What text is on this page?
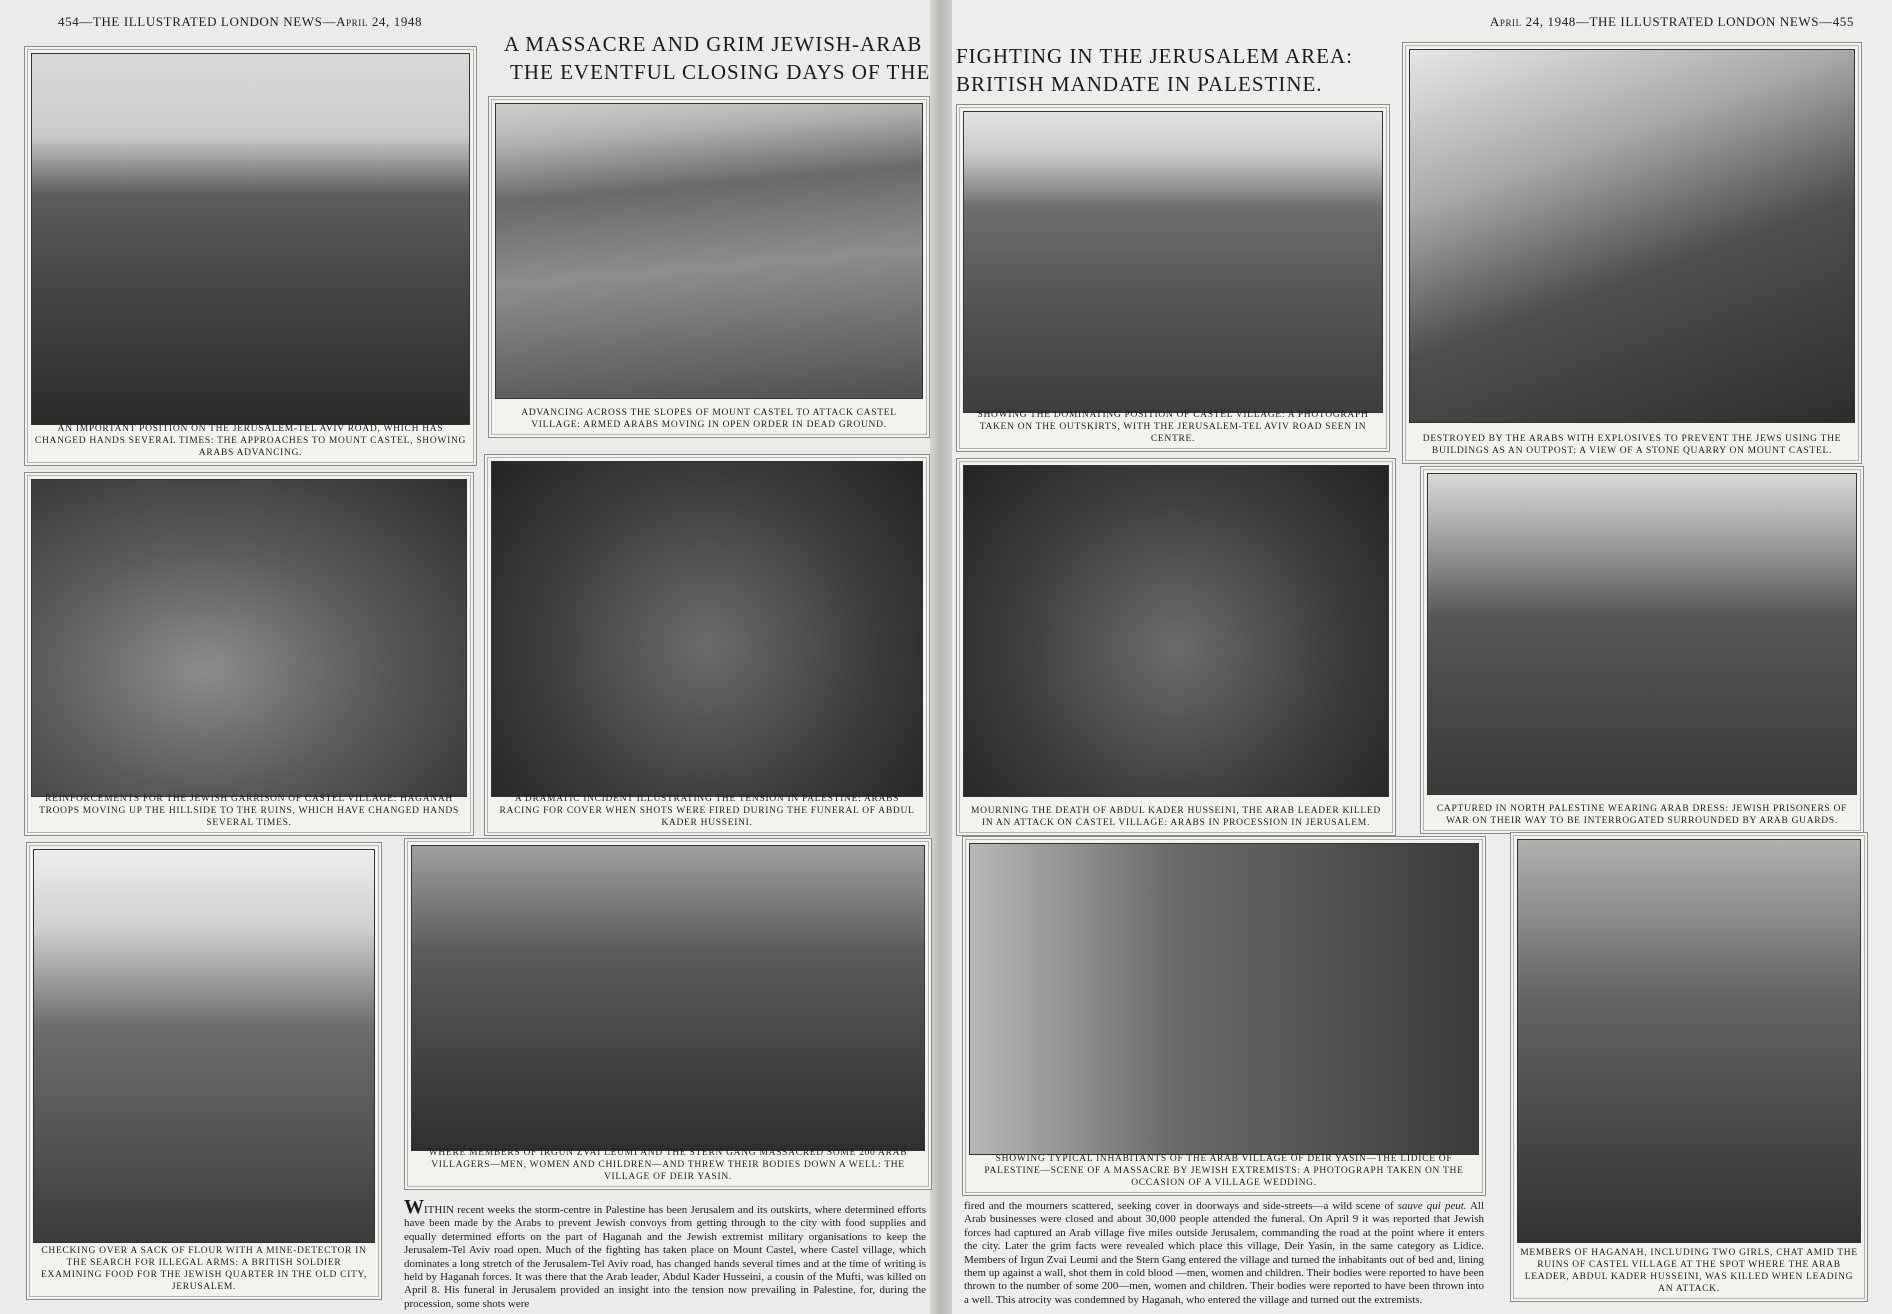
454—THE ILLUSTRATED LONDON NEWS—April 24, 1948	April 24, 1948—THE ILLUSTRATED LONDON NEWS—455
A MASSACRE AND GRIM JEWISH-ARAB
THE EVENTFUL CLOSING DAYS OF THE
FIGHTING IN THE JERUSALEM AREA:
BRITISH MANDATE IN PALESTINE.
AN IMPORTANT POSITION ON THE JERUSALEM-TEL AVIV ROAD, WHICH HAS CHANGED HANDS SEVERAL TIMES: THE APPROACHES TO MOUNT CASTEL, SHOWING ARABS ADVANCING.
ADVANCING ACROSS THE SLOPES OF MOUNT CASTEL TO ATTACK CASTEL VILLAGE: ARMED ARABS MOVING IN OPEN ORDER IN DEAD GROUND.
SHOWING THE DOMINATING POSITION OF CASTEL VILLAGE: A PHOTOGRAPH TAKEN ON THE OUTSKIRTS, WITH THE JERUSALEM-TEL AVIV ROAD SEEN IN CENTRE.	DESTROYED BY THE ARABS WITH EXPLOSIVES TO PREVENT THE JEWS USING THE BUILDINGS AS AN OUTPOST: A VIEW OF A STONE QUARRY ON MOUNT CASTEL.
REINFORCEMENTS FOR THE JEWISH GARRISON OF CASTEL VILLAGE: HAGANAH TROOPS MOVING UP THE HILLSIDE TO THE RUINS, WHICH HAVE CHANGED HANDS SEVERAL TIMES.
A DRAMATIC INCIDENT ILLUSTRATING THE TENSION IN PALESTINE: ARABS RACING FOR COVER WHEN SHOTS WERE FIRED DURING THE FUNERAL OF ABDUL KADER HUSSEINI.
MOURNING THE DEATH OF ABDUL KADER HUSSEINI, THE ARAB LEADER KILLED IN AN ATTACK ON CASTEL VILLAGE: ARABS IN PROCESSION IN JERUSALEM.
CAPTURED IN NORTH PALESTINE WEARING ARAB DRESS: JEWISH PRISONERS OF WAR ON THEIR WAY TO BE INTERROGATED SURROUNDED BY ARAB GUARDS.
CHECKING OVER A SACK OF FLOUR WITH A MINE-DETECTOR IN THE SEARCH FOR ILLEGAL ARMS: A BRITISH SOLDIER EXAMINING FOOD FOR THE JEWISH QUARTER IN THE OLD CITY, JERUSALEM.
WHERE MEMBERS OF IRGUN ZVAI LEUMI AND THE STERN GANG MASSACRED SOME 200 ARAB VILLAGERS—MEN, WOMEN AND CHILDREN—AND THREW THEIR BODIES DOWN A WELL: THE VILLAGE OF DEIR YASIN.
SHOWING TYPICAL INHABITANTS OF THE ARAB VILLAGE OF DEIR YASIN—THE LIDICE OF PALESTINE—SCENE OF A MASSACRE BY JEWISH EXTREMISTS: A PHOTOGRAPH TAKEN ON THE OCCASION OF A VILLAGE WEDDING.
MEMBERS OF HAGANAH, INCLUDING TWO GIRLS, CHAT AMID THE RUINS OF CASTEL VILLAGE AT THE SPOT WHERE THE ARAB LEADER, ABDUL KADER HUSSEINI, WAS KILLED WHEN LEADING AN ATTACK.
WITHIN recent weeks the storm-centre in Palestine has been Jerusalem and its outskirts, where determined efforts have been made by the Arabs to prevent Jewish convoys from getting through to the city with food supplies and equally determined efforts on the part of Haganah and the Jewish extremist military organisations to keep the Jerusalem-Tel Aviv road open. Much of the fighting has taken place on Mount Castel, where Castel village, which dominates a long stretch of the Jerusalem-Tel Aviv road, has changed hands several times and at the time of writing is held by Haganah forces. It was there that the Arab leader, Abdul Kader Husseini, a cousin of the Mufti, was killed on April 8. His funeral in Jerusalem provided an insight into the tension now prevailing in Palestine, for, during the procession, some shots were
fired and the mourners scattered, seeking cover in doorways and side-streets—a wild scene of sauve qui peut. All Arab businesses were closed and about 30,000 people attended the funeral. On April 9 it was reported that Jewish forces had captured an Arab village five miles outside Jerusalem, commanding the road at the point where it enters the city. Later the grim facts were revealed which place this village, Deir Yasin, in the same category as Lidice. Members of Irgun Zvai Leumi and the Stern Gang entered the village and turned the inhabitants out of bed and, lining them up against a wall, shot them in cold blood —men, women and children. Their bodies were reported to have been thrown to the number of some 200—men, women and children. Their bodies were reported to have been thrown into a well. This atrocity was condemned by Haganah, who entered the village and turned out the extremists.
